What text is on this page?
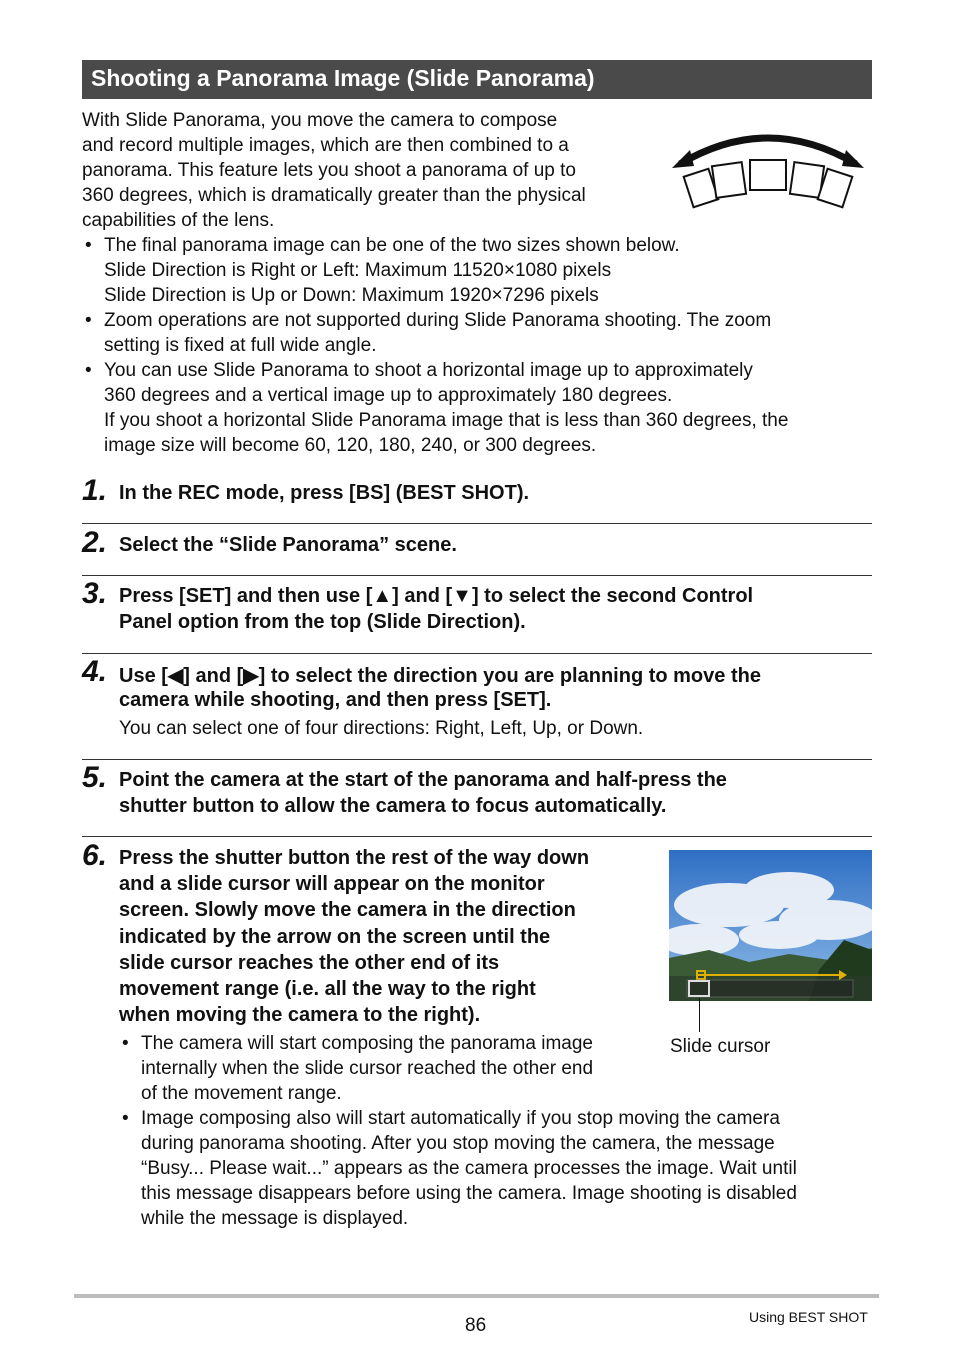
Shooting a Panorama Image (Slide Panorama)
With Slide Panorama, you move the camera to compose
and record multiple images, which are then combined to a
panorama. This feature lets you shoot a panorama of up to
360 degrees, which is dramatically greater than the physical
capabilities of the lens.
• The final panorama image can be one of the two sizes shown below.
Slide Direction is Right or Left: Maximum 11520×1080 pixels
Slide Direction is Up or Down: Maximum 1920×7296 pixels
• Zoom operations are not supported during Slide Panorama shooting. The zoom
setting is fixed at full wide angle.
• You can use Slide Panorama to shoot a horizontal image up to approximately
360 degrees and a vertical image up to approximately 180 degrees.
If you shoot a horizontal Slide Panorama image that is less than 360 degrees, the
image size will become 60, 120, 180, 240, or 300 degrees.
1. In the REC mode, press [BS] (BEST SHOT).
2. Select the “Slide Panorama” scene.
3. Press [SET] and then use [▲] and [▼] to select the second Control
Panel option from the top (Slide Direction).
4. Use [◀] and [▶] to select the direction you are planning to move the
camera while shooting, and then press [SET].
You can select one of four directions: Right, Left, Up, or Down.
5. Point the camera at the start of the panorama and half-press the
shutter button to allow the camera to focus automatically.
6. Press the shutter button the rest of the way down
and a slide cursor will appear on the monitor
screen. Slowly move the camera in the direction
indicated by the arrow on the screen until the
slide cursor reaches the other end of its
movement range (i.e. all the way to the right
when moving the camera to the right).
Slide cursor
• The camera will start composing the panorama image
internally when the slide cursor reached the other end
of the movement range.
• Image composing also will start automatically if you stop moving the camera
during panorama shooting. After you stop moving the camera, the message
“Busy... Please wait...” appears as the camera processes the image. Wait until
this message disappears before using the camera. Image shooting is disabled
while the message is displayed.
86	Using BEST SHOT
